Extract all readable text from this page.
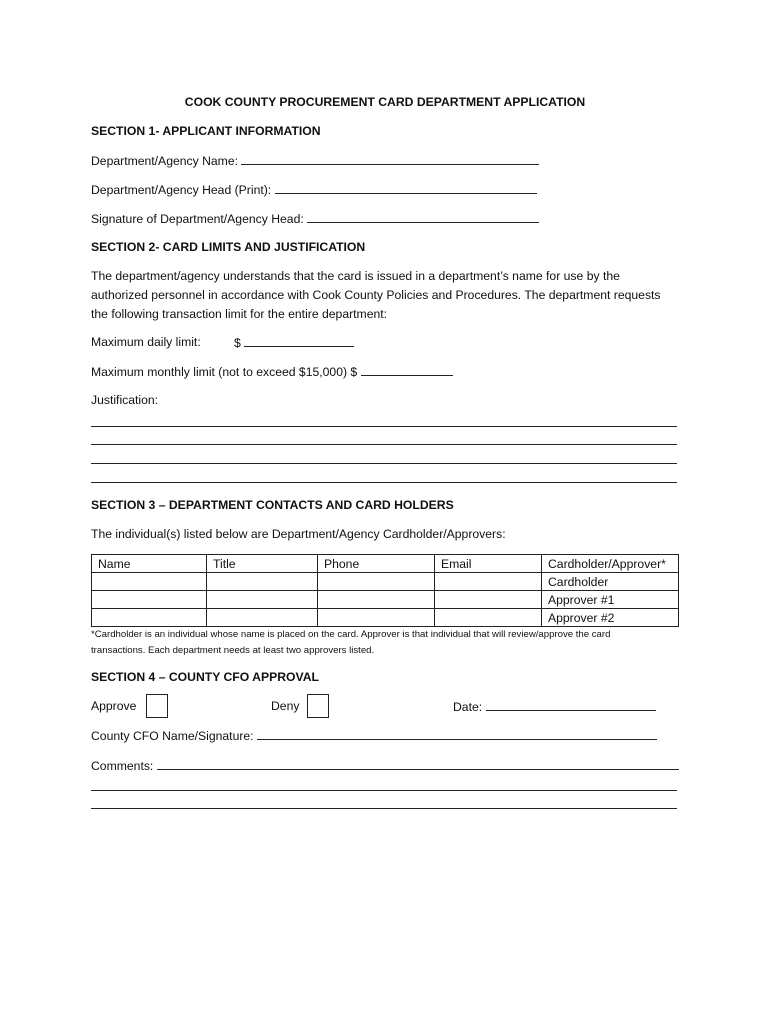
COOK COUNTY PROCUREMENT CARD DEPARTMENT APPLICATION
SECTION 1- APPLICANT INFORMATION
Department/Agency Name:
Department/Agency Head (Print):
Signature of Department/Agency Head:
SECTION 2- CARD LIMITS AND JUSTIFICATION
The department/agency understands that the card is issued in a department’s name for use by the
authorized personnel in accordance with Cook County Policies and Procedures. The department requests
the following transaction limit for the entire department:
Maximum daily limit:	$
Maximum monthly limit (not to exceed $15,000) $
Justification:
SECTION 3 – DEPARTMENT CONTACTS AND CARD HOLDERS
The individual(s) listed below are Department/Agency Cardholder/Approvers:
Name	Title	Phone	Email	Cardholder/Approver*
				Cardholder
				Approver #1
				Approver #2
*Cardholder is an individual whose name is placed on the card. Approver is that individual that will review/approve the card
transactions. Each department needs at least two approvers listed.
SECTION 4 – COUNTY CFO APPROVAL
Approve	Deny	Date:
County CFO Name/Signature:
Comments:
